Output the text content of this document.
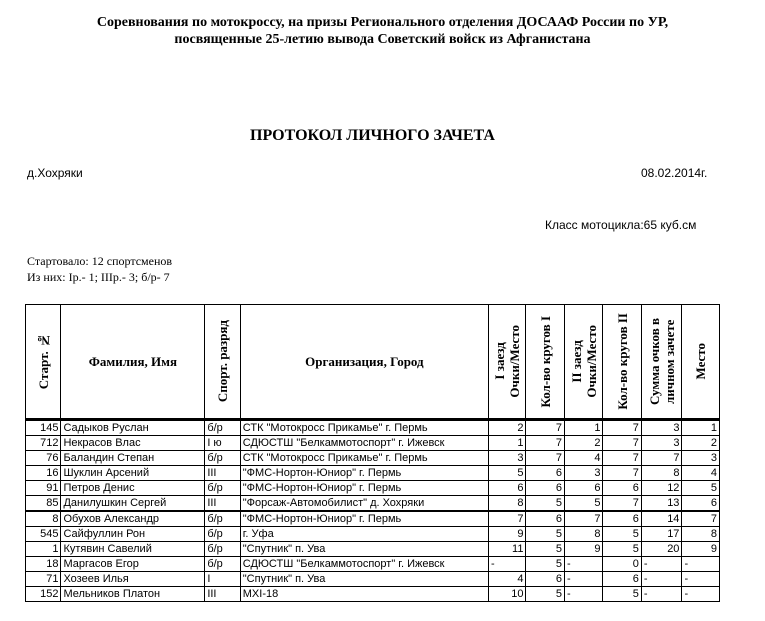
Соревнования по мотокроссу, на призы Регионального отделения ДОСААФ России по УР,
посвященные 25-летию вывода Советский войск из Афганистана
ПРОТОКОЛ ЛИЧНОГО ЗАЧЕТА
д.Хохряки	08.02.2014г.
Класс мотоцикла:65 куб.см
Стартовало: 12 спортсменов
Из них: Iр.- 1; IIIр.- 3; б/р- 7
Старт. №	Фамилия, Имя	Спорт. разряд	Организация, Город	I заезд Очки/Место	Кол-во кругов I	II заезд Очки/Место	Кол-во кругов II	Сумма очков в личном зачете	Место

145	Садыков Руслан	б/р	СТК "Мотокросс Прикамье" г. Пермь	2	7	1	7	3	1
712	Некрасов Влас	I ю	СДЮСТШ "Белкаммотоспорт" г. Ижевск	1	7	2	7	3	2
76	Баландин Степан	б/р	СТК "Мотокросс Прикамье" г. Пермь	3	7	4	7	7	3
16	Шуклин Арсений	III	"ФМС-Нортон-Юниор" г. Пермь	5	6	3	7	8	4
91	Петров Денис	б/р	"ФМС-Нортон-Юниор" г. Пермь	6	6	6	6	12	5
85	Данилушкин Сергей	III	"Форсаж-Автомобилист" д. Хохряки	8	5	5	7	13	6
8	Обухов Александр	б/р	"ФМС-Нортон-Юниор" г. Пермь	7	6	7	6	14	7
545	Сайфуллин Рон	б/р	г. Уфа	9	5	8	5	17	8
1	Кутявин Савелий	б/р	"Спутник" п. Ува	11	5	9	5	20	9
18	Маргасов Егор	б/р	СДЮСТШ "Белкаммотоспорт" г. Ижевск	-	5	-	0	-	-
71	Хозеев Илья	I	"Спутник" п. Ува	4	6	-	6	-	-
152	Мельников Платон	III	МХI-18	10	5	-	5	-	-
